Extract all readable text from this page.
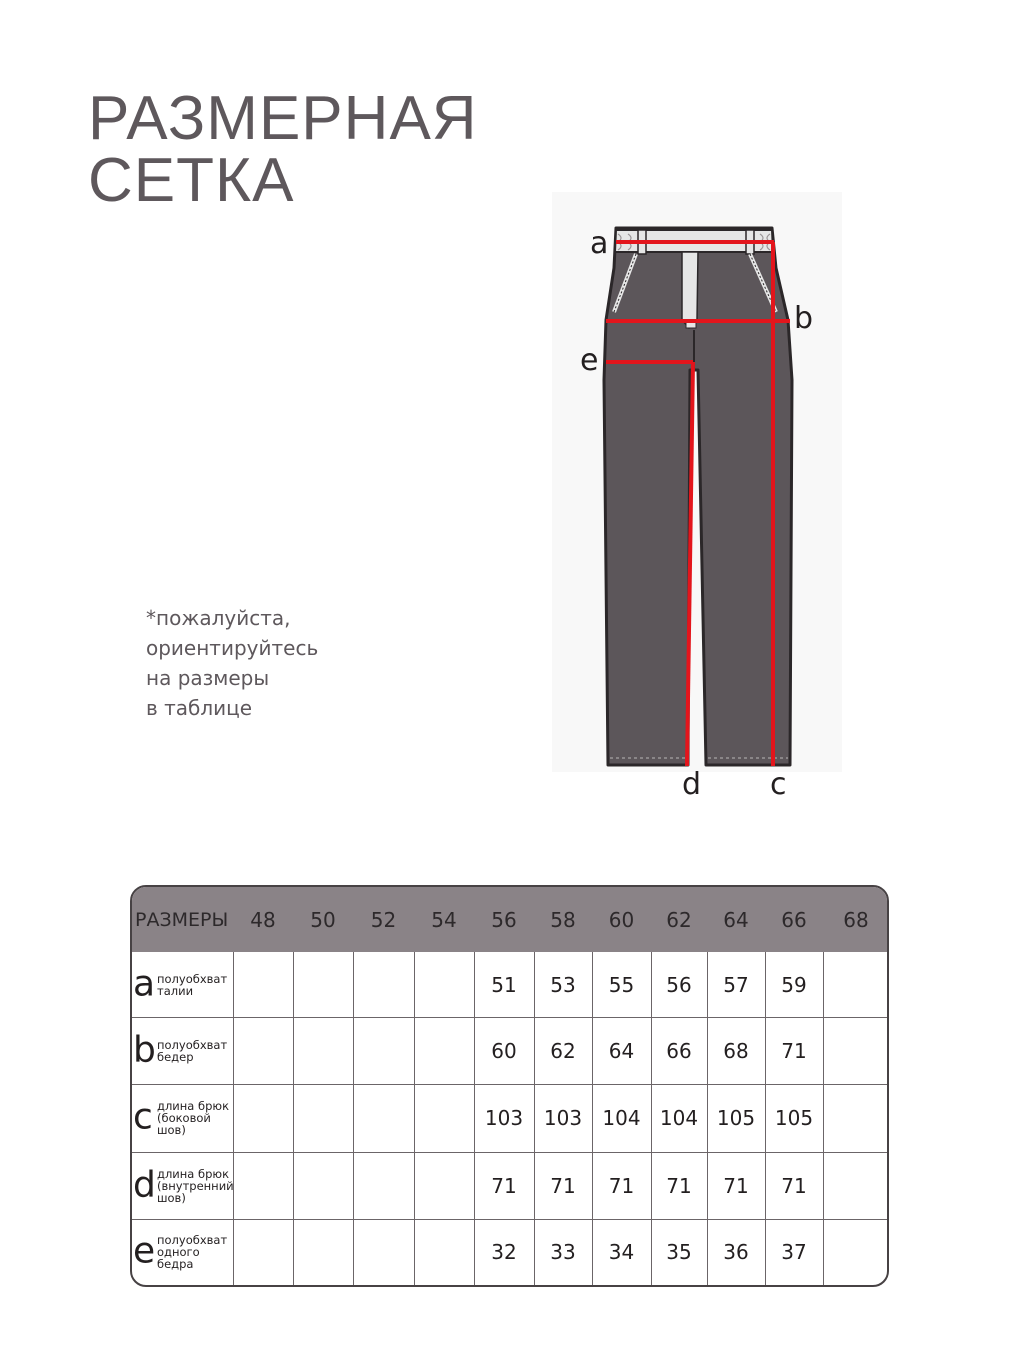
РАЗМЕРНАЯ
СЕТКА
*пожалуйста,
ориентируйтесь
на размеры
в таблице
a
b
e
d c
РАЗМЕРЫ	48	50	52	54	56	58	60	62	64	66	68

a полуобхват
талии					51	53	55	56	57	59	

b полуобхват
бедер					60	62	64	66	68	71	

c длина брюк
(боковой
шов)					103	103	104	104	105	105	

d длина брюк
(внутренний
шов)					71	71	71	71	71	71	

e полуобхват
одного
бедра					32	33	34	35	36	37	
